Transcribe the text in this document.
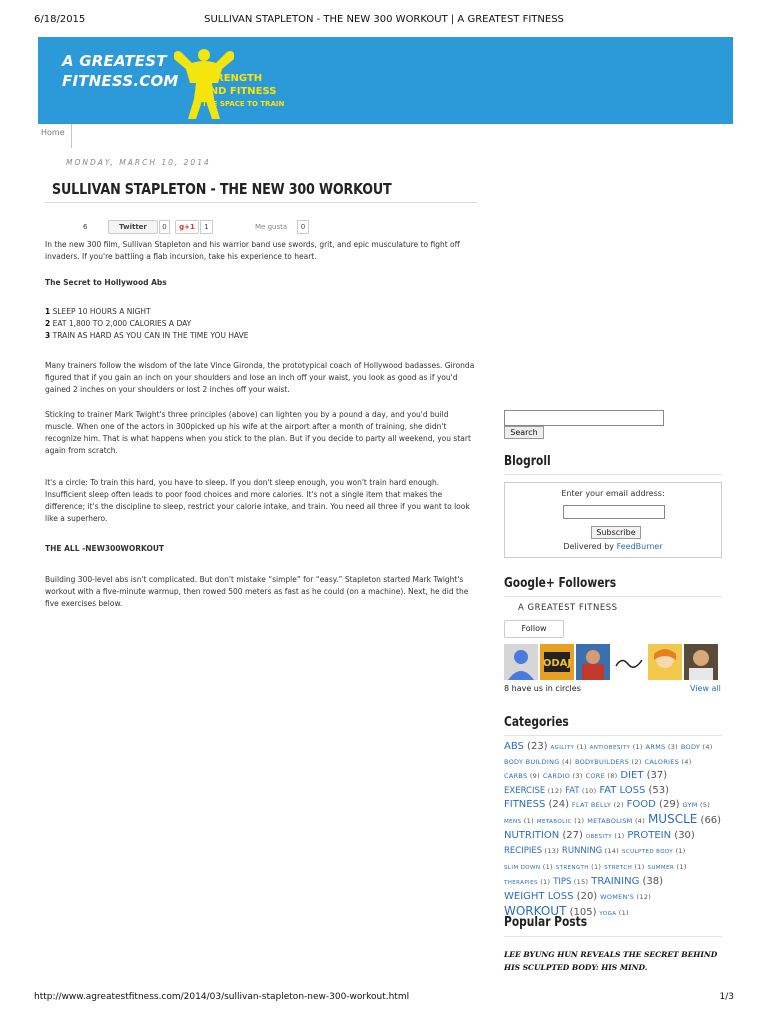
6/18/2015	SULLIVAN STAPLETON - THE NEW 300 WORKOUT | A GREATEST FITNESS
A GREATEST
FITNESS.COM STRENGTH
AND FITNESS
THE SPACE TO TRAIN
Home
MONDAY, MARCH 10, 2014
SULLIVAN STAPLETON - THE NEW 300 WORKOUT
6	Twitter	0	g+1	1	Me gusta	0

In the new 300 film, Sullivan Stapleton and his warrior band use swords, grit, and epic musculature to fight off invaders. If you're battling a flab incursion, take his experience to heart.

The Secret to Hollywood Abs
1 SLEEP 10 HOURS A NIGHT
2 EAT 1,800 TO 2,000 CALORIES A DAY
3 TRAIN AS HARD AS YOU CAN IN THE TIME YOU HAVE

Many trainers follow the wisdom of the late Vince Gironda, the prototypical coach of Hollywood badasses. Gironda figured that if you gain an inch on your shoulders and lose an inch off your waist, you look as good as if you'd gained 2 inches on your shoulders or lost 2 inches off your waist.

Sticking to trainer Mark Twight's three principles (above) can lighten you by a pound a day, and you'd build muscle. When one of the actors in 300picked up his wife at the airport after a month of training, she didn't recognize him. That is what happens when you stick to the plan. But if you decide to party all weekend, you start again from scratch.

It's a circle: To train this hard, you have to sleep. If you don't sleep enough, you won't train hard enough. Insufficient sleep often leads to poor food choices and more calories. It's not a single item that makes the difference; it's the discipline to sleep, restrict your calorie intake, and train. You need all three if you want to look like a superhero.

THE ALL -NEW300WORKOUT

Building 300-level abs isn't complicated. But don't mistake “simple” for “easy.” Stapleton started Mark Twight's workout with a five-minute warmup, then rowed 500 meters as fast as he could (on a machine). Next, he did the five exercises below.

Search
Blogroll
Enter your email address:
Subscribe
Delivered by FeedBurner
Google+ Followers
A GREATEST FITNESS
Follow
ODAJ
8 have us in circles	View all
Categories
ABS (23) AGILITY (1) ANTIOBESITY (1) ARMS (3) BODY (4) BODY BUILDING (4) BODYBUILDERS (2) CALORIES (4) CARBS (9) CARDIO (3) CORE (8) DIET (37) EXERCISE (12) FAT (10) FAT LOSS (53) FITNESS (24) FLAT BELLY (2) FOOD (29) GYM (5) MENS (1) METABOLIC (1) METABOLISM (4) MUSCLE (66) NUTRITION (27) OBESITY (1) PROTEIN (30) RECIPIES (13) RUNNING (14) SCULPTED BODY (1) SLIM DOWN (1) STRENGTH (1) STRETCH (1) SUMMER (1) THERAPIES (1) TIPS (15) TRAINING (38) WEIGHT LOSS (20) WOMEN'S (12) WORKOUT (105) YOGA (1)
Popular Posts
LEE BYUNG HUN REVEALS THE SECRET BEHIND HIS SCULPTED BODY: HIS MIND.
http://www.agreatestfitness.com/2014/03/sullivan-stapleton-new-300-workout.html	1/3
